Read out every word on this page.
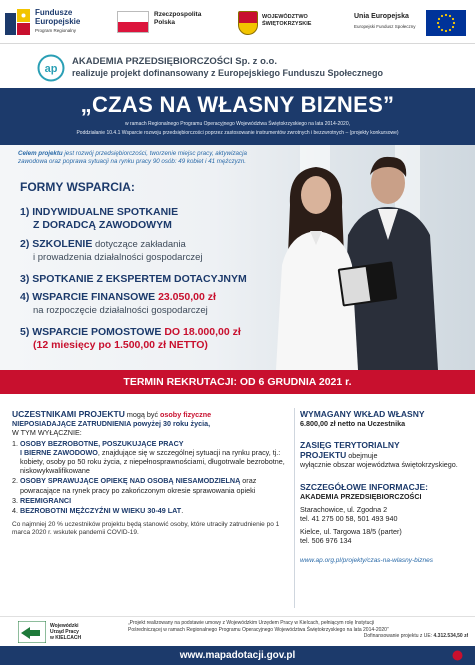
Fundusze
Europejskie
Program Regionalny
Rzeczpospolita
Polska
WOJEWÓDZTWO
ŚWIĘTOKRZYSKIE
Unia Europejska
Europejski Fundusz Społeczny
ap
AKADEMIA PRZEDSIĘBIORCZOŚCI Sp. z o.o.
realizuje projekt dofinansowany z Europejskiego Funduszu Społecznego
„CZAS NA WŁASNY BIZNES”
w ramach Regionalnego Programu Operacyjnego Województwa Świętokrzyskiego na lata 2014-2020,
Poddziałanie 10.4.1 Wsparcie rozwoju przedsiębiorczości poprzez zastosowanie instrumentów zwrotnych i bezzwrotnych – (projekty konkursowe)
Celem projektu jest rozwój przedsiębiorczości, tworzenie miejsc pracy, aktywizacja
zawodowa oraz poprawa sytuacji na rynku pracy 90 osób: 49 kobiet i 41 mężczyzn.
FORMY WSPARCIA:
1) INDYWIDUALNE SPOTKANIE
Z DORADCĄ ZAWODOWYM
2) SZKOLENIE dotyczące zakładania
i prowadzenia działalności gospodarczej
3) SPOTKANIE Z EKSPERTEM DOTACYJNYM
4) WSPARCIE FINANSOWE 23.050,00 zł
na rozpoczęcie działalności gospodarczej
5) WSPARCIE POMOSTOWE DO 18.000,00 zł
(12 miesięcy po 1.500,00 zł NETTO)
TERMIN REKRUTACJI: OD 6 GRUDNIA 2021 r.
UCZESTNIKAMI PROJEKTU mogą być osoby fizyczne
NIEPOSIADAJĄCE ZATRUDNIENIA powyżej 30 roku życia,
W TYM WYŁĄCZNIE:
1. OSOBY BEZROBOTNE, POSZUKUJĄCE PRACY
I BIERNE ZAWODOWO, znajdujące się w szczególnej sytuacji na rynku pracy, tj.: kobiety, osoby po 50 roku życia, z niepełnosprawnościami, długotrwale bezrobotne, niskowykwalifikowane
2. OSOBY SPRAWUJĄCE OPIEKĘ NAD OSOBĄ NIESAMODZIELNĄ oraz powracające na rynek pracy po zakończonym okresie sprawowania opieki
3. REEMIGRANCI
4. BEZROBOTNI MĘŻCZYŹNI W WIEKU 30-49 LAT.
Co najmniej 20 % uczestników projektu będą stanowić osoby, które utraciły zatrudnienie po 1 marca 2020 r. wskutek pandemii COVID-19.
WYMAGANY WKŁAD WŁASNY
6.800,00 zł netto na Uczestnika
ZASIĘG TERYTORIALNY
PROJEKTU obejmuje
wyłącznie obszar województwa świętokrzyskiego.
SZCZEGÓŁOWE INFORMACJE:
AKADEMIA PRZEDSIĘBIORCZOŚCI
Starachowice, ul. Zgodna 2
tel. 41 275 00 58, 501 493 940
Kielce, ul. Targowa 18/5 (parter)
tel. 506 976 134
www.ap.org.pl/projekty/czas-na-wlasny-biznes
Wojewódzki
Urząd Pracy
w KIELCACH
„Projekt realizowany na podstawie umowy z Wojewódzkim Urzędem Pracy w Kielcach, pełniącym rolę Instytucji
Pośredniczącej w ramach Regionalnego Programu Operacyjnego Województwa Świętokrzyskiego na lata 2014-2020”
Dofinansowanie projektu z UE: 4.312.534,50 zł
www.mapadotacji.gov.pl
